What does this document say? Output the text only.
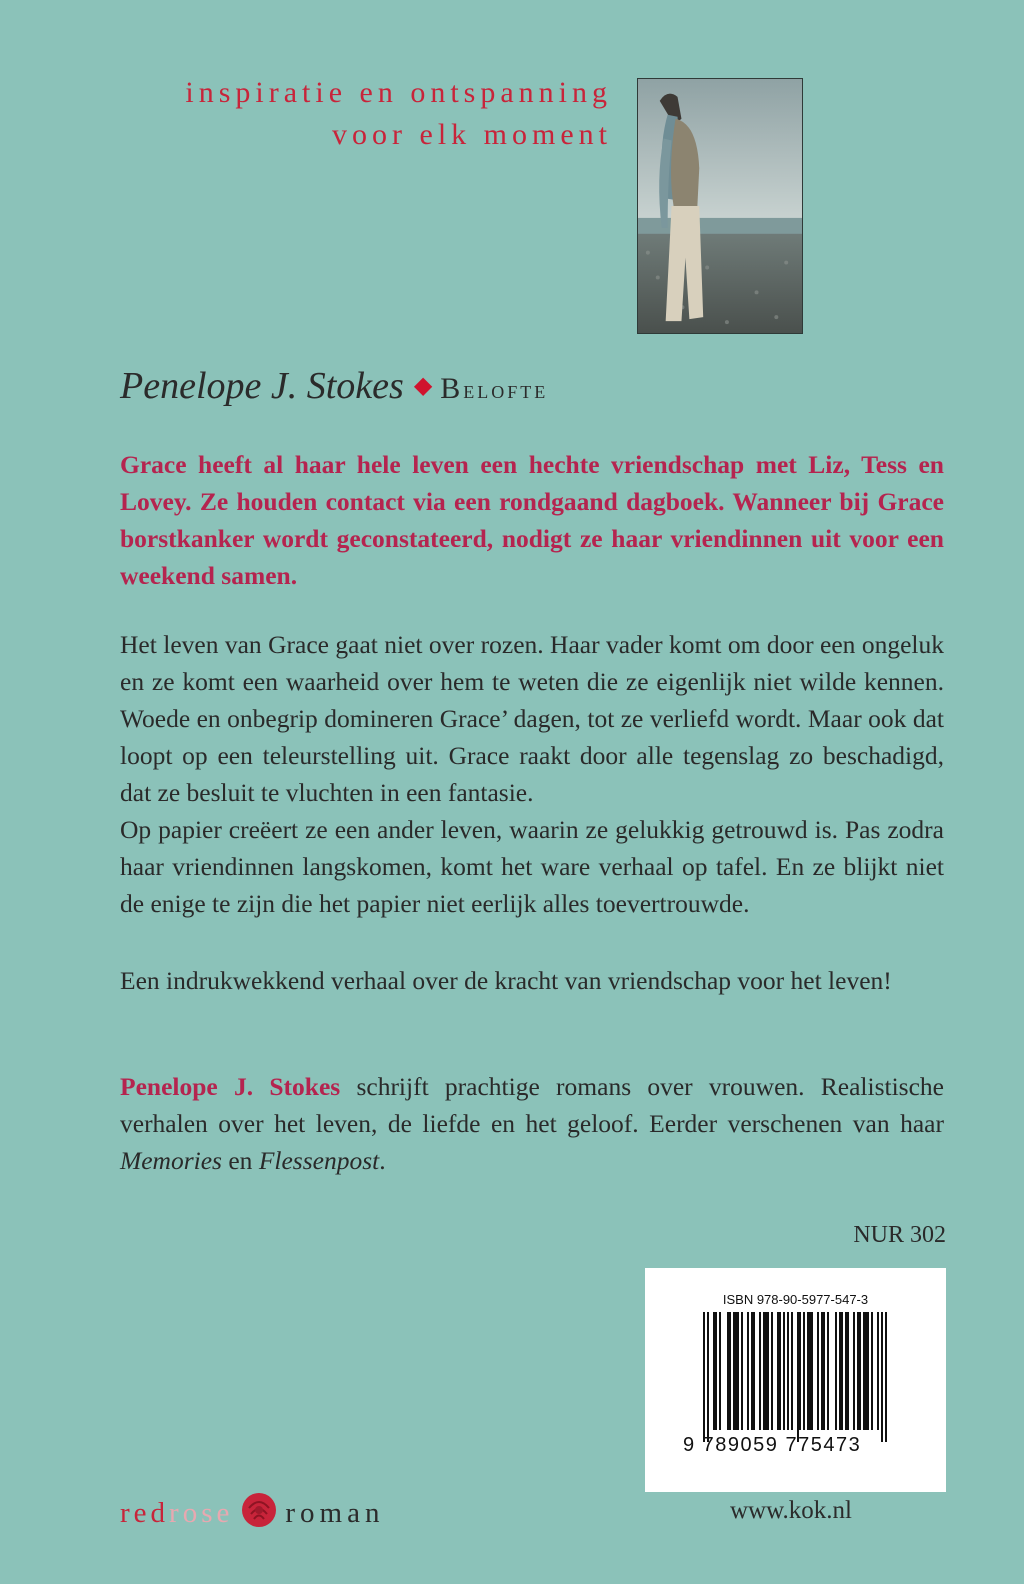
inspiratie en ontspanning
voor elk moment
Penelope J. Stokes ◆ Belofte

Grace heeft al haar hele leven een hechte vriendschap met Liz, Tess en Lovey. Ze houden contact via een rondgaand dagboek. Wanneer bij Grace borstkanker wordt geconstateerd, nodigt ze haar vriendinnen uit voor een weekend samen.

Het leven van Grace gaat niet over rozen. Haar vader komt om door een ongeluk en ze komt een waarheid over hem te weten die ze eigenlijk niet wilde kennen. Woede en onbegrip domineren Grace’ dagen, tot ze verliefd wordt. Maar ook dat loopt op een teleurstelling uit. Grace raakt door alle tegenslag zo beschadigd, dat ze besluit te vluchten in een fantasie.

Op papier creëert ze een ander leven, waarin ze gelukkig getrouwd is. Pas zodra haar vriendinnen langskomen, komt het ware verhaal op tafel. En ze blijkt niet de enige te zijn die het papier niet eerlijk alles toevertrouwde.

Een indrukwekkend verhaal over de kracht van vriendschap voor het leven!

Penelope J. Stokes schrijft prachtige romans over vrouwen. Realistische verhalen over het leven, de liefde en het geloof. Eerder verschenen van haar Memories en Flessenpost.

NUR 302
ISBN 978-90-5977-547-3
9 789059 775473
redrose roman	www.kok.nl
